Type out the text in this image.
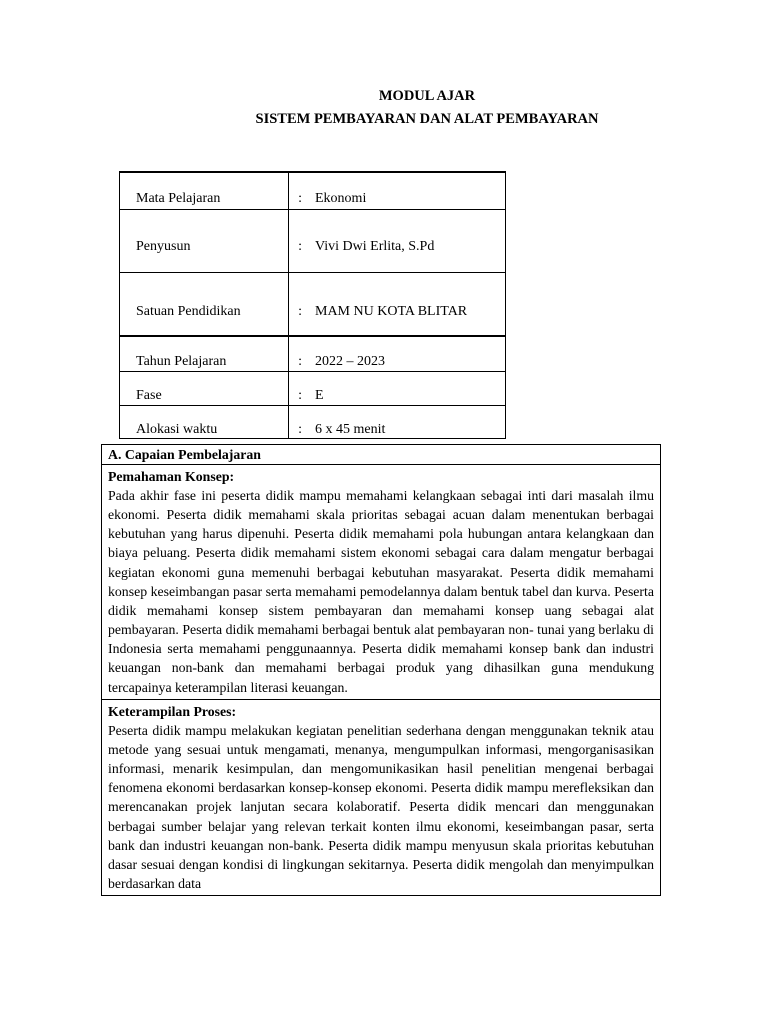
MODUL AJAR
SISTEM PEMBAYARAN DAN ALAT PEMBAYARAN
Mata Pelajaran	:	Ekonomi
Penyusun	:	Vivi Dwi Erlita, S.Pd
Satuan Pendidikan	:	MAM NU KOTA BLITAR
Tahun Pelajaran	:	2022 – 2023
Fase	:	E
Alokasi waktu	:	6 x 45 menit
A. Capaian Pembelajaran
Pemahaman Konsep:

Pada akhir fase ini peserta didik mampu memahami kelangkaan sebagai inti dari masalah ilmu ekonomi. Peserta didik memahami skala prioritas sebagai acuan dalam menentukan berbagai kebutuhan yang harus dipenuhi. Peserta didik memahami pola hubungan antara kelangkaan dan biaya peluang. Peserta didik memahami sistem ekonomi sebagai cara dalam mengatur berbagai kegiatan ekonomi guna memenuhi berbagai kebutuhan masyarakat. Peserta didik memahami konsep keseimbangan pasar serta memahami pemodelannya dalam bentuk tabel dan kurva. Peserta didik memahami konsep sistem pembayaran dan memahami konsep uang sebagai alat pembayaran. Peserta didik memahami berbagai bentuk alat pembayaran non- tunai yang berlaku di Indonesia serta memahami penggunaannya. Peserta didik memahami konsep bank dan industri keuangan non-bank dan memahami berbagai produk yang dihasilkan guna mendukung tercapainya keterampilan literasi keuangan.

Keterampilan Proses:

Peserta didik mampu melakukan kegiatan penelitian sederhana dengan menggunakan teknik atau metode yang sesuai untuk mengamati, menanya, mengumpulkan informasi, mengorganisasikan informasi, menarik kesimpulan, dan mengomunikasikan hasil penelitian mengenai berbagai fenomena ekonomi berdasarkan konsep-konsep ekonomi. Peserta didik mampu merefleksikan dan merencanakan projek lanjutan secara kolaboratif. Peserta didik mencari dan menggunakan berbagai sumber belajar yang relevan terkait konten ilmu ekonomi, keseimbangan pasar, serta bank dan industri keuangan non-bank. Peserta didik mampu menyusun skala prioritas kebutuhan dasar sesuai dengan kondisi di lingkungan sekitarnya. Peserta didik mengolah dan menyimpulkan berdasarkan data
